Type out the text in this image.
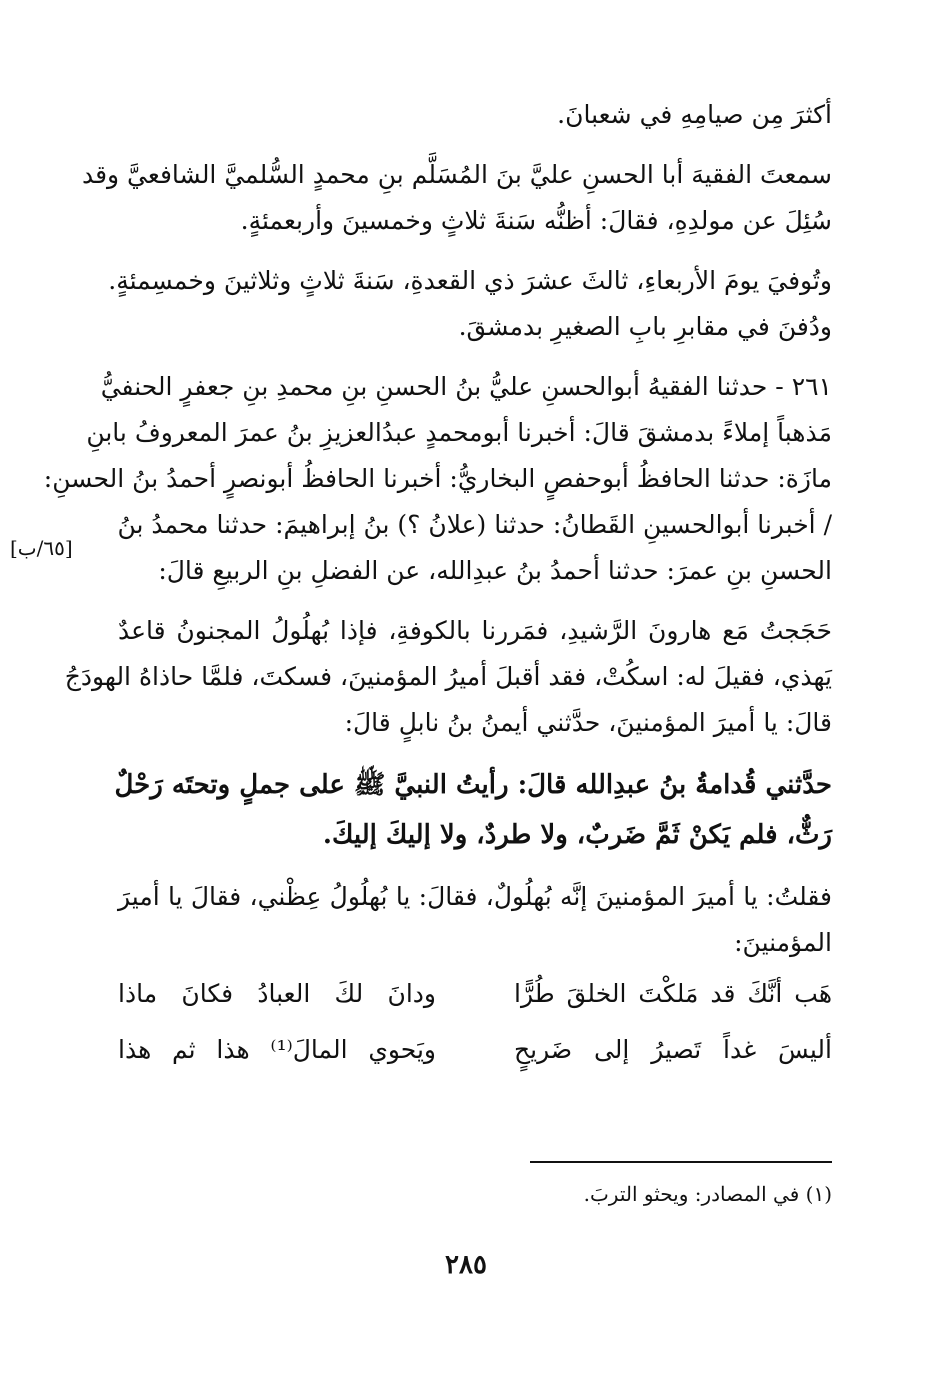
أكثرَ مِن صيامِهِ في شعبانَ.
سمعتَ الفقيهَ أبا الحسنِ عليَّ بنَ المُسَلَّم بنِ محمدٍ السُّلميَّ الشافعيَّ وقد
سُئِلَ عن مولدِهِ، فقالَ: أظنُّه سَنةَ ثلاثٍ وخمسينَ وأربعمئةٍ.
وتُوفيَ يومَ الأربعاءِ، ثالثَ عشرَ ذي القعدةِ، سَنةَ ثلاثٍ وثلاثينَ وخمسِمئةٍ.
ودُفنَ في مقابرِ بابِ الصغيرِ بدمشقَ.
٢٦١ - حدثنا الفقيهُ أبوالحسنِ عليُّ بنُ الحسنِ بنِ محمدِ بنِ جعفرٍ الحنفيُّ
مَذهباً إملاءً بدمشقَ قالَ: أخبرنا أبومحمدٍ عبدُالعزيزِ بنُ عمرَ المعروفُ بابنِ
مازَة: حدثنا الحافظُ أبوحفصٍ البخاريُّ: أخبرنا الحافظُ أبونصرٍ أحمدُ بنُ الحسنِ:
/ أخبرنا أبوالحسينِ القَطانُ: حدثنا (علانُ ؟) بنُ إبراهيمَ: حدثنا محمدُ بنُ
الحسنِ بنِ عمرَ: حدثنا أحمدُ بنُ عبدِالله، عن الفضلِ بنِ الربيعِ قالَ:
حَجَجتُ مَع هارونَ الرَّشيدِ، فمَررنا بالكوفةِ، فإذا بُهلُولُ المجنونُ قاعدٌ
يَهذي، فقيلَ له: اسكُتْ، فقد أقبلَ أميرُ المؤمنينَ، فسكتَ، فلمَّا حاذاهُ الهودَجُ
قالَ: يا أميرَ المؤمنينَ، حدَّثني أيمنُ بنُ نابلٍ قالَ:
حدَّثني قُدامةُ بنُ عبدِالله قالَ: رأيتُ النبيَّ ﷺ على جملٍ وتحتَه رَحْلٌ
رَثٌّ، فلم يَكنْ ثَمَّ ضَربٌ، ولا طردٌ، ولا إليكَ إليكَ.
فقلتُ: يا أميرَ المؤمنينَ إنَّه بُهلُولٌ، فقالَ: يا بُهلُولُ عِظْني، فقالَ يا أميرَ
المؤمنينَ:
هَب أنَّكَ قد مَلكْتَ الخلقَ طُرًّا
ودانَ لكَ العبادُ فكانَ ماذا
أليسَ غداً تَصيرُ إلى ضَريحٍ
ويَحوي المالَ⁽¹⁾ هذا ثم هذا
[٦٥/ب]
(١) في المصادر: ويحثو التربَ.
٢٨٥
